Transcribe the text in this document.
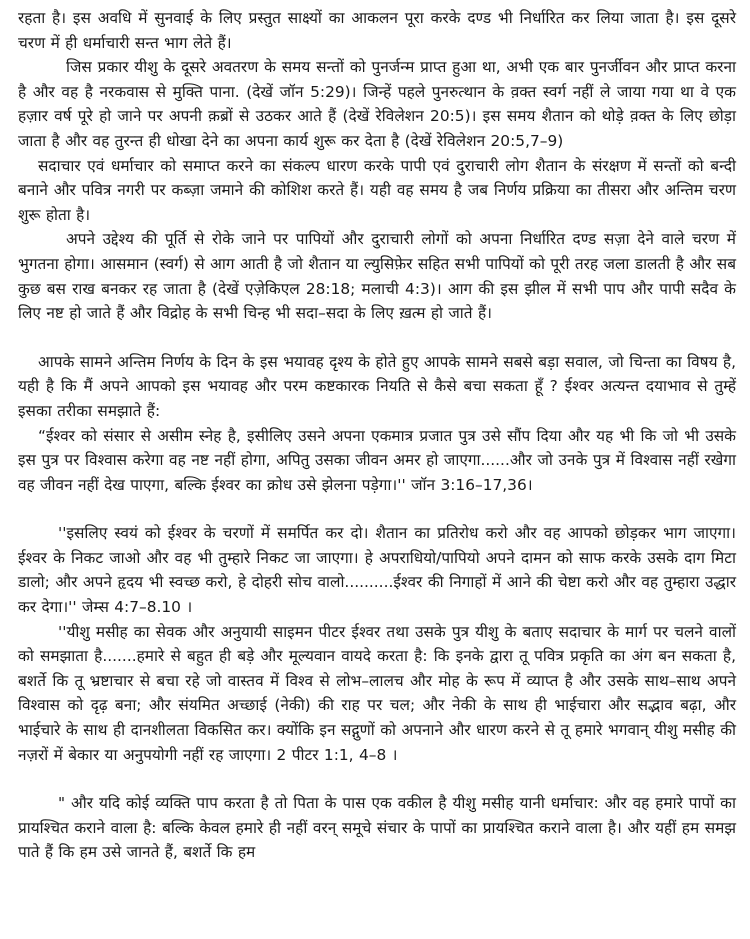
रहता है। इस अवधि में सुनवाई के लिए प्रस्तुत साक्ष्यों का आकलन पूरा करके दण्ड भी निर्धारित कर लिया जाता है। इस दूसरे चरण में ही धर्माचारी सन्त भाग लेते हैं।

जिस प्रकार यीशु के दूसरे अवतरण के समय सन्तों को पुनर्जन्म प्राप्त हुआ था, अभी एक बार पुनर्जीवन और प्राप्त करना है और वह है नरकवास से मुक्ति पाना. (देखें जॉन 5:29)। जिन्हें पहले पुनरुत्थान के व़क्त स्वर्ग नहीं ले जाया गया था वे एक हज़ार वर्ष पूरे हो जाने पर अपनी क़ब्रों से उठकर आते हैं (देखें रेविलेशन 20:5)। इस समय शैतान को थोड़े व़क्त के लिए छोड़ा जाता है और वह तुरन्त ही धोखा देने का अपना कार्य शुरू कर देता है (देखें रेविलेशन 20:5,7–9)

सदाचार एवं धर्माचार को समाप्त करने का संकल्प धारण करके पापी एवं दुराचारी लोग शैतान के संरक्षण में सन्तों को बन्दी बनाने और पवित्र नगरी पर कब्ज़ा जमाने की कोशिश करते हैं। यही वह समय है जब निर्णय प्रक्रिया का तीसरा और अन्तिम चरण शुरू होता है।

अपने उद्देश्य की पूर्ति से रोके जाने पर पापियों और दुराचारी लोगों को अपना निर्धारित दण्ड सज़ा देने वाले चरण में भुगतना होगा। आसमान (स्वर्ग) से आग आती है जो शैतान या ल्युसिफ़ेर सहित सभी पापियों को पूरी तरह जला डालती है और सब कुछ बस राख बनकर रह जाता है (देखें एज़ेकिएल 28:18; मलाची 4:3)। आग की इस झील में सभी पाप और पापी सदैव के लिए नष्ट हो जाते हैं और विद्रोह के सभी चिन्ह भी सदा–सदा के लिए ख़त्म हो जाते हैं।

आपके सामने अन्तिम निर्णय के दिन के इस भयावह दृश्य के होते हुए आपके सामने सबसे बड़ा सवाल, जो चिन्ता का विषय है, यही है कि मैं अपने आपको इस भयावह और परम कष्टकारक नियति से कैसे बचा सकता हूँ ? ईश्वर अत्यन्त दयाभाव से तुम्हें इसका तरीका समझाते हैं:

“ईश्वर को संसार से असीम स्नेह है, इसीलिए उसने अपना एकमात्र प्रजात पुत्र उसे सौंप दिया और यह भी कि जो भी उसके इस पुत्र पर विश्वास करेगा वह नष्ट नहीं होगा, अपितु उसका जीवन अमर हो जाएगा......और जो उनके पुत्र में विश्वास नहीं रखेगा वह जीवन नहीं देख पाएगा, बल्कि ईश्वर का क्रोध उसे झेलना पड़ेगा।'' जॉन 3:16–17,36।

''इसलिए स्वयं को ईश्वर के चरणों में समर्पित कर दो। शैतान का प्रतिरोध करो और वह आपको छोड़कर भाग जाएगा। ईश्वर के निकट जाओ और वह भी तुम्हारे निकट जा जाएगा। हे अपराधियो/पापियो अपने दामन को साफ करके उसके दाग मिटा डालो; और अपने हृदय भी स्वच्छ करो, हे दोहरी सोच वालो..........ईश्वर की निगाहों में आने की चेष्टा करो और वह तुम्हारा उद्धार कर देगा।'' जेम्स 4:7–8.10 ।

''यीशु मसीह का सेवक और अनुयायी साइमन पीटर ईश्वर तथा उसके पुत्र यीशु के बताए सदाचार के मार्ग पर चलने वालों को समझाता है.......हमारे से बहुत ही बड़े और मूल्यवान वायदे करता है: कि इनके द्वारा तू पवित्र प्रकृति का अंग बन सकता है, बशर्ते कि तू भ्रष्टाचार से बचा रहे जो वास्तव में विश्व से लोभ–लालच और मोह के रूप में व्याप्त है और उसके साथ–साथ अपने विश्वास को दृढ़ बना; और संयमित अच्छाई (नेकी) की राह पर चल; और नेकी के साथ ही भाईचारा और सद्भाव बढ़ा, और भाईचारे के साथ ही दानशीलता विकसित कर। क्योंकि इन सद्गुणों को अपनाने और धारण करने से तू हमारे भगवान् यीशु मसीह की नज़रों में बेकार या अनुपयोगी नहीं रह जाएगा। 2 पीटर 1:1, 4–8 ।

" और यदि कोई व्यक्ति पाप करता है तो पिता के पास एक वकील है यीशु मसीह यानी धर्माचार: और वह हमारे पापों का प्रायश्चित कराने वाला है: बल्कि केवल हमारे ही नहीं वरन् समूचे संचार के पापों का प्रायश्चित कराने वाला है। और यहीं हम समझ पाते हैं कि हम उसे जानते हैं, बशर्ते कि हम
